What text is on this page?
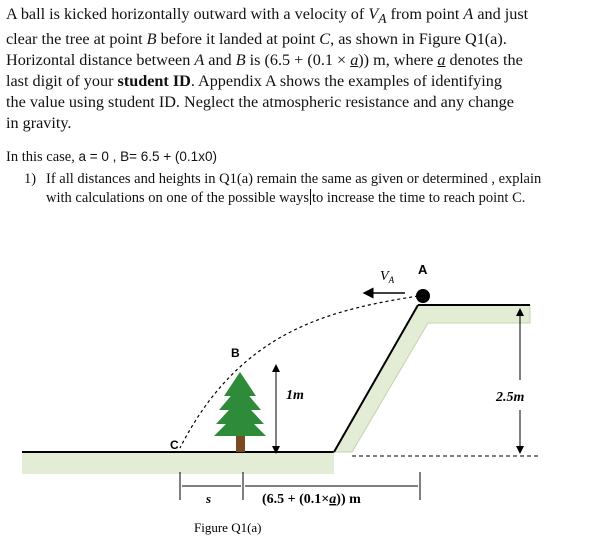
A ball is kicked horizontally outward with a velocity of $V_A$ from point A and just
clear the tree at point B before it landed at point C, as shown in Figure Q1(a).
Horizontal distance between A and B is (6.5 + (0.1 × a)) m, where a denotes the
last digit of your student ID. Appendix A shows the examples of identifying
the value using student ID. Neglect the atmospheric resistance and any change
in gravity.
In this case, a = 0 , B= 6.5 + (0.1x0)
1) If all distances and heights in Q1(a) remain the same as given or determined , explain
with calculations on one of the possible ways to increase the time to reach point C.
$V_A$
A
B
C
1m	2.5m
s	(6.5 + (0.1×a)) m
Figure Q1(a)
